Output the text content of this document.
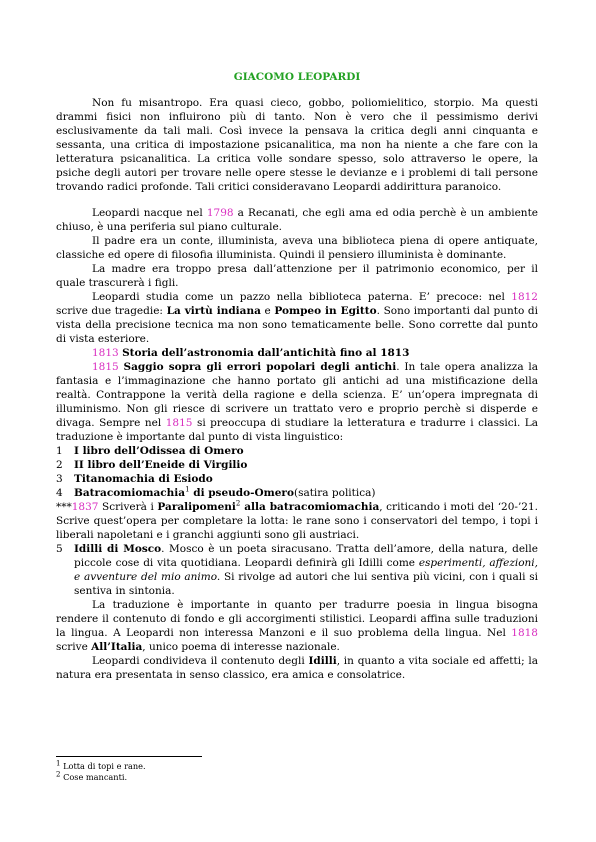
GIACOMO LEOPARDI

Non fu misantropo. Era quasi cieco, gobbo, poliomielitico, storpio. Ma questi drammi fisici non influirono più di tanto. Non è vero che il pessimismo derivi esclusivamente da tali mali. Così invece la pensava la critica degli anni cinquanta e sessanta, una critica di impostazione psicanalitica, ma non ha niente a che fare con la letteratura psicanalitica. La critica volle sondare spesso, solo attraverso le opere, la psiche degli autori per trovare nelle opere stesse le devianze e i problemi di tali persone trovando radici profonde. Tali critici consideravano Leopardi addirittura paranoico.

Leopardi nacque nel 1798 a Recanati, che egli ama ed odia perchè è un ambiente chiuso, è una periferia sul piano culturale.

Il padre era un conte, illuminista, aveva una biblioteca piena di opere antiquate, classiche ed opere di filosofia illuminista. Quindi il pensiero illuminista è dominante.

La madre era troppo presa dall’attenzione per il patrimonio economico, per il quale trascurerà i figli.

Leopardi studia come un pazzo nella biblioteca paterna. E’ precoce: nel 1812 scrive due tragedie: La virtù indiana e Pompeo in Egitto. Sono importanti dal punto di vista della precisione tecnica ma non sono tematicamente belle. Sono corrette dal punto di vista esteriore.

1813 Storia dell’astronomia dall’antichità fino al 1813

1815 Saggio sopra gli errori popolari degli antichi. In tale opera analizza la fantasia e l’immaginazione che hanno portato gli antichi ad una mistificazione della realtà. Contrappone la verità della ragione e della scienza. E’ un’opera impregnata di illuminismo. Non gli riesce di scrivere un trattato vero e proprio perchè si disperde e divaga. Sempre nel 1815 si preoccupa di studiare la letteratura e tradurre i classici. La traduzione è importante dal punto di vista linguistico:

1	I libro dell’Odissea di Omero
2	II libro dell’Eneide di Virgilio
3	Titanomachia di Esiodo
4	Batracomiomachia$^1$ di pseudo-Omero(satira politica)

***1837 Scriverà i Paralipomeni$^2$ alla batracomiomachia, criticando i moti del ‘20-’21. Scrive quest’opera per completare la lotta: le rane sono i conservatori del tempo, i topi i liberali napoletani e i granchi aggiunti sono gli austriaci.

5	Idilli di Mosco. Mosco è un poeta siracusano. Tratta dell’amore, della natura, delle piccole cose di vita quotidiana. Leopardi definirà gli Idilli come esperimenti, affezioni, e avventure del mio animo. Si rivolge ad autori che lui sentiva più vicini, con i quali si sentiva in sintonia.

La traduzione è importante in quanto per tradurre poesia in lingua bisogna rendere il contenuto di fondo e gli accorgimenti stilistici. Leopardi affina sulle traduzioni la lingua. A Leopardi non interessa Manzoni e il suo problema della lingua. Nel 1818 scrive All’Italia, unico poema di interesse nazionale.

Leopardi condivideva il contenuto degli Idilli, in quanto a vita sociale ed affetti; la natura era presentata in senso classico, era amica e consolatrice.

$^1$ Lotta di topi e rane.
$^2$ Cose mancanti.
